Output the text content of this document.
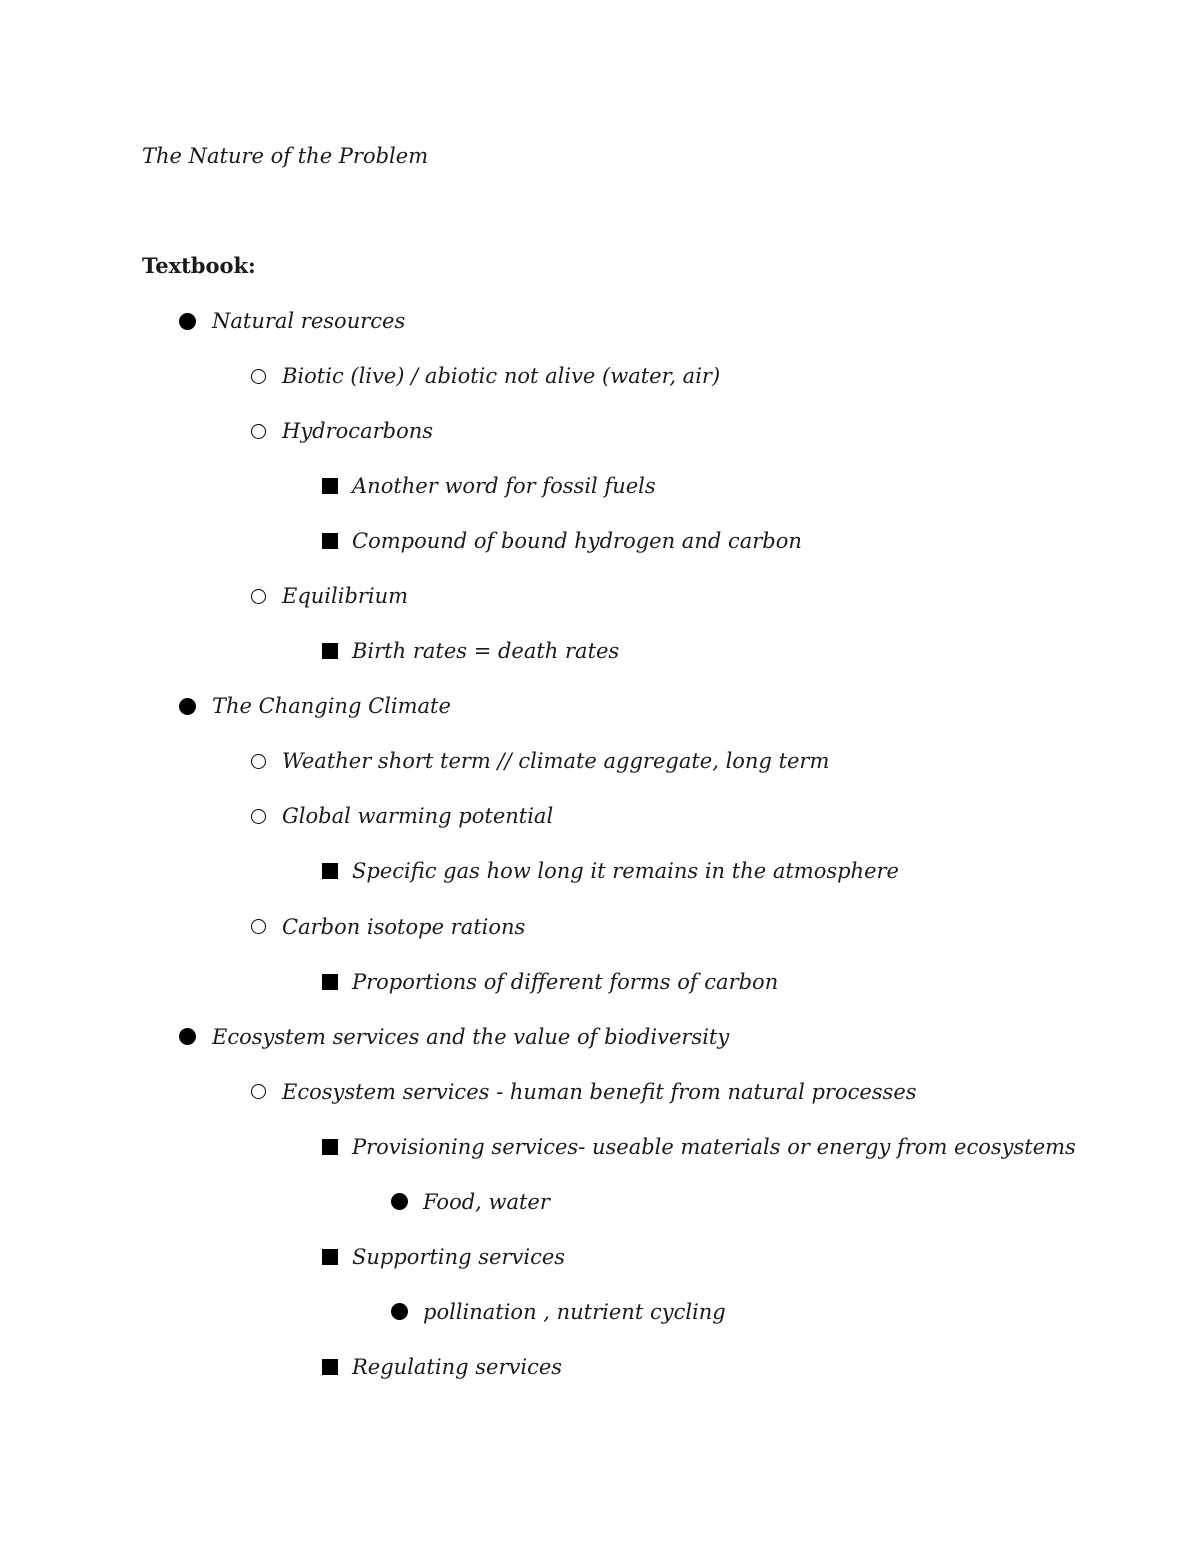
The Nature of the Problem
Textbook:
Natural resources
Biotic (live) / abiotic not alive (water, air)
Hydrocarbons
Another word for fossil fuels
Compound of bound hydrogen and carbon
Equilibrium
Birth rates = death rates
The Changing Climate
Weather short term // climate aggregate, long term
Global warming potential
Specific gas how long it remains in the atmosphere
Carbon isotope rations
Proportions of different forms of carbon
Ecosystem services and the value of biodiversity
Ecosystem services - human benefit from natural processes
Provisioning services- useable materials or energy from ecosystems
Food, water
Supporting services
pollination , nutrient cycling
Regulating services
